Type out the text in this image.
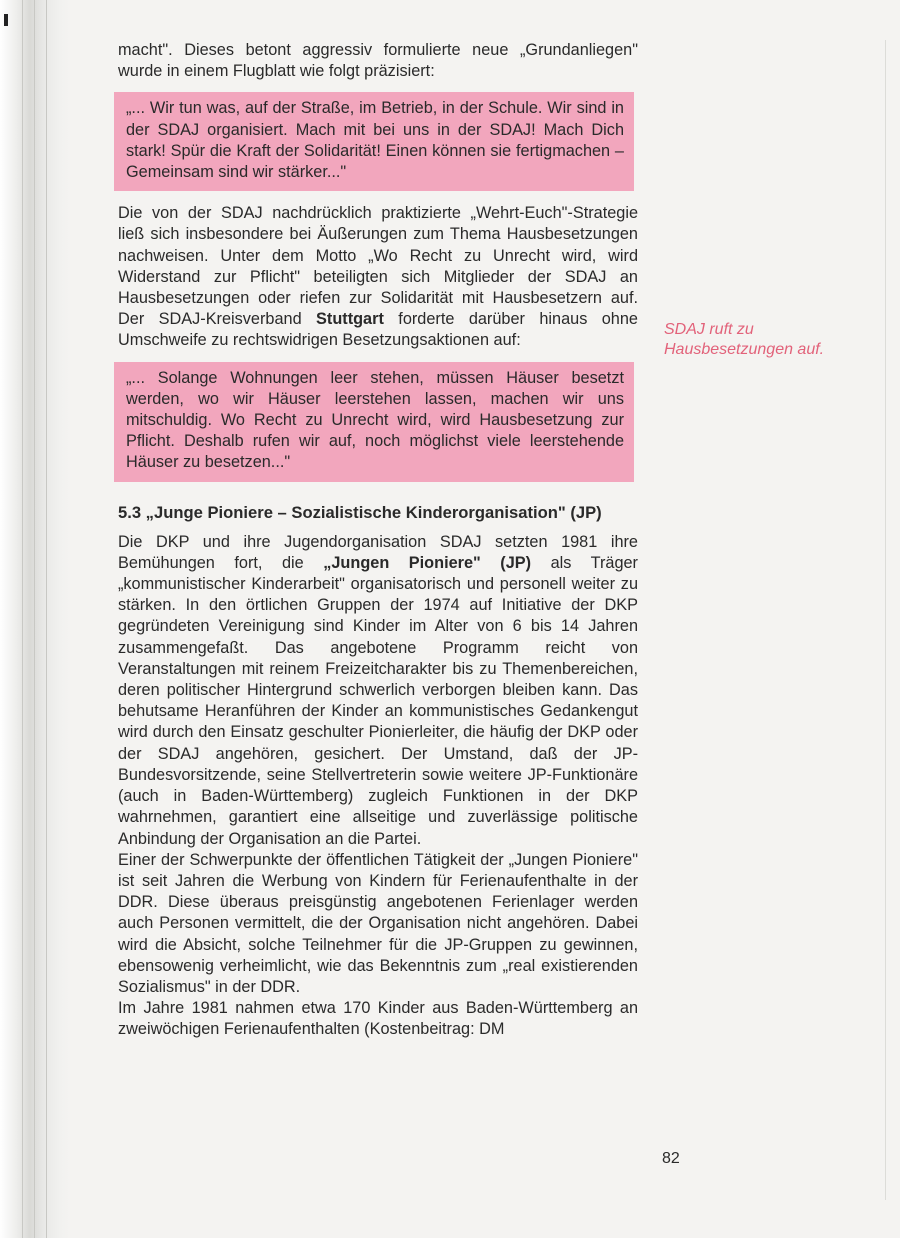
macht". Dieses betont aggressiv formulierte neue „Grundanliegen" wurde in einem Flugblatt wie folgt präzisiert:

„... Wir tun was, auf der Straße, im Betrieb, in der Schule. Wir sind in der SDAJ organisiert. Mach mit bei uns in der SDAJ! Mach Dich stark! Spür die Kraft der Solidarität! Einen können sie fertigmachen – Gemeinsam sind wir stärker..."

Die von der SDAJ nachdrücklich praktizierte „Wehrt-Euch"-Strategie ließ sich insbesondere bei Äußerungen zum Thema Hausbesetzungen nachweisen. Unter dem Motto „Wo Recht zu Unrecht wird, wird Widerstand zur Pflicht" beteiligten sich Mitglieder der SDAJ an Hausbesetzungen oder riefen zur Solidarität mit Hausbesetzern auf. Der SDAJ-Kreisverband Stuttgart forderte darüber hinaus ohne Umschweife zu rechtswidrigen Besetzungsaktionen auf:

„... Solange Wohnungen leer stehen, müssen Häuser besetzt werden, wo wir Häuser leerstehen lassen, machen wir uns mitschuldig. Wo Recht zu Unrecht wird, wird Hausbesetzung zur Pflicht. Deshalb rufen wir auf, noch möglichst viele leerstehende Häuser zu besetzen..."

5.3 „Junge Pioniere – Sozialistische Kinderorganisation" (JP)

Die DKP und ihre Jugendorganisation SDAJ setzten 1981 ihre Bemühungen fort, die „Jungen Pioniere" (JP) als Träger „kommunistischer Kinderarbeit" organisatorisch und personell weiter zu stärken. In den örtlichen Gruppen der 1974 auf Initiative der DKP gegründeten Vereinigung sind Kinder im Alter von 6 bis 14 Jahren zusammengefaßt. Das angebotene Programm reicht von Veranstaltungen mit reinem Freizeitcharakter bis zu Themenbereichen, deren politischer Hintergrund schwerlich verborgen bleiben kann. Das behutsame Heranführen der Kinder an kommunistisches Gedankengut wird durch den Einsatz geschulter Pionierleiter, die häufig der DKP oder der SDAJ angehören, gesichert. Der Umstand, daß der JP-Bundesvorsitzende, seine Stellvertreterin sowie weitere JP-Funktionäre (auch in Baden-Württemberg) zugleich Funktionen in der DKP wahrnehmen, garantiert eine allseitige und zuverlässige politische Anbindung der Organisation an die Partei.

Einer der Schwerpunkte der öffentlichen Tätigkeit der „Jungen Pioniere" ist seit Jahren die Werbung von Kindern für Ferienaufenthalte in der DDR. Diese überaus preisgünstig angebotenen Ferienlager werden auch Personen vermittelt, die der Organisation nicht angehören. Dabei wird die Absicht, solche Teilnehmer für die JP-Gruppen zu gewinnen, ebensowenig verheimlicht, wie das Bekenntnis zum „real existierenden Sozialismus" in der DDR.

Im Jahre 1981 nahmen etwa 170 Kinder aus Baden-Württemberg an zweiwöchigen Ferienaufenthalten (Kostenbeitrag: DM

SDAJ ruft zu Hausbesetzungen auf.
82
